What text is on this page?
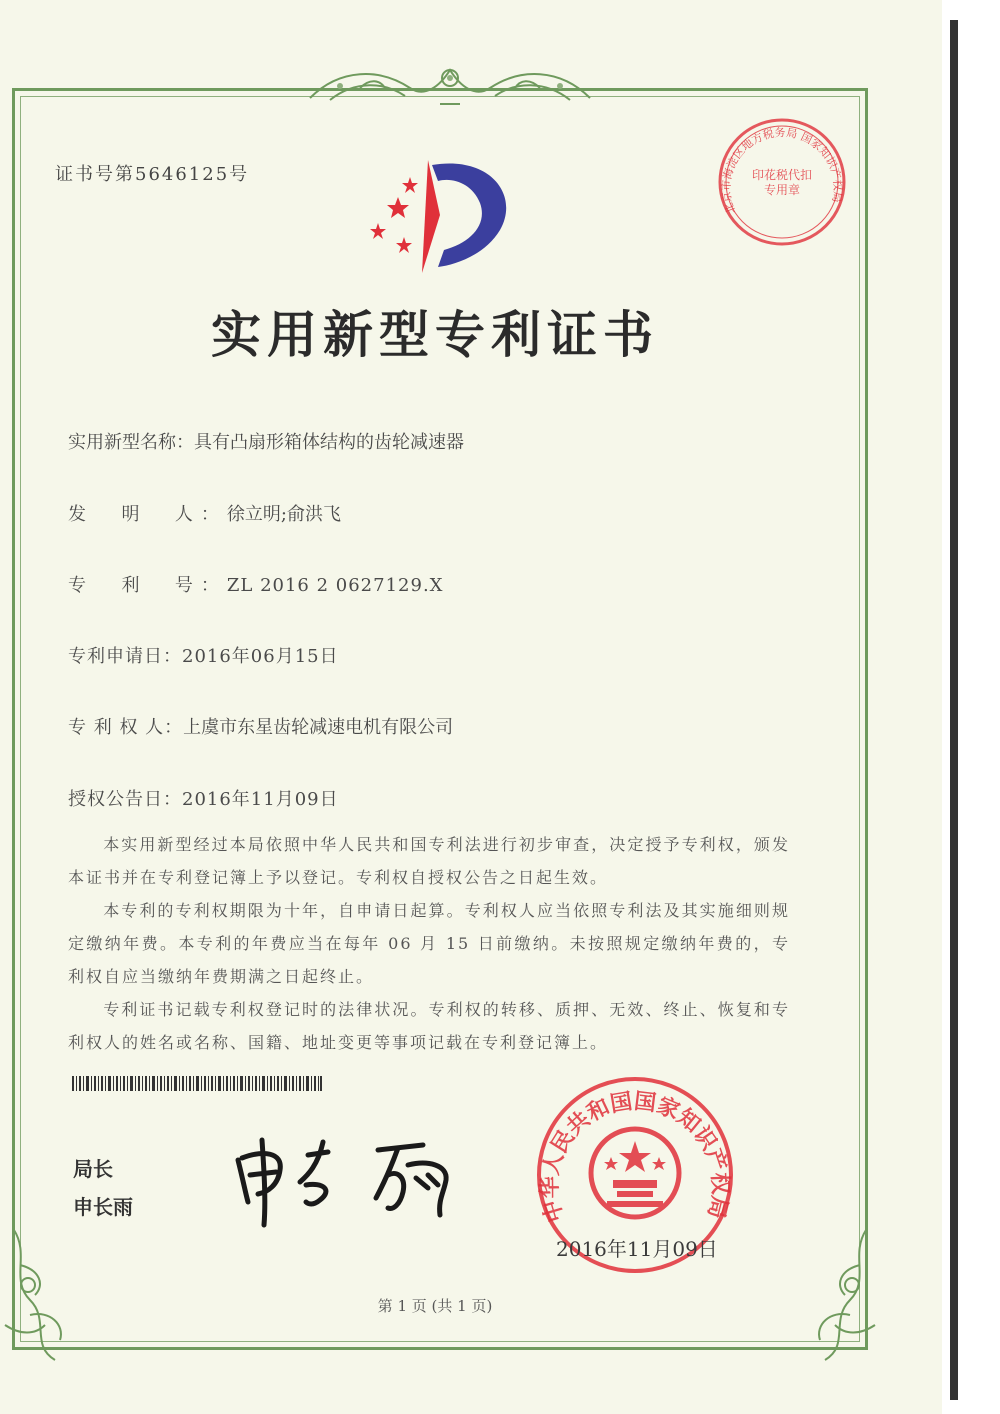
证书号第5646125号
实用新型专利证书
实用新型名称：具有凸扇形箱体结构的齿轮减速器
发  明  人：徐立明;俞洪飞
专  利  号：ZL 2016 2 0627129.X
专利申请日：2016年06月15日
专 利 权 人：上虞市东星齿轮减速电机有限公司
授权公告日：2016年11月09日

本实用新型经过本局依照中华人民共和国专利法进行初步审查，决定授予专利权，颁发本证书并在专利登记簿上予以登记。专利权自授权公告之日起生效。

本专利的专利权期限为十年，自申请日起算。专利权人应当依照专利法及其实施细则规定缴纳年费。本专利的年费应当在每年 06 月 15 日前缴纳。未按照规定缴纳年费的，专利权自应当缴纳年费期满之日起终止。

专利证书记载专利权登记时的法律状况。专利权的转移、质押、无效、终止、恢复和专利权人的姓名或名称、国籍、地址变更等事项记载在专利登记簿上。

局长
申长雨	中华人民共和国国家知识产权局
2016年11月09日
北京市海淀区地方税务局 国家知识产权局
印花税代扣专用章
第 1 页 (共 1 页)
